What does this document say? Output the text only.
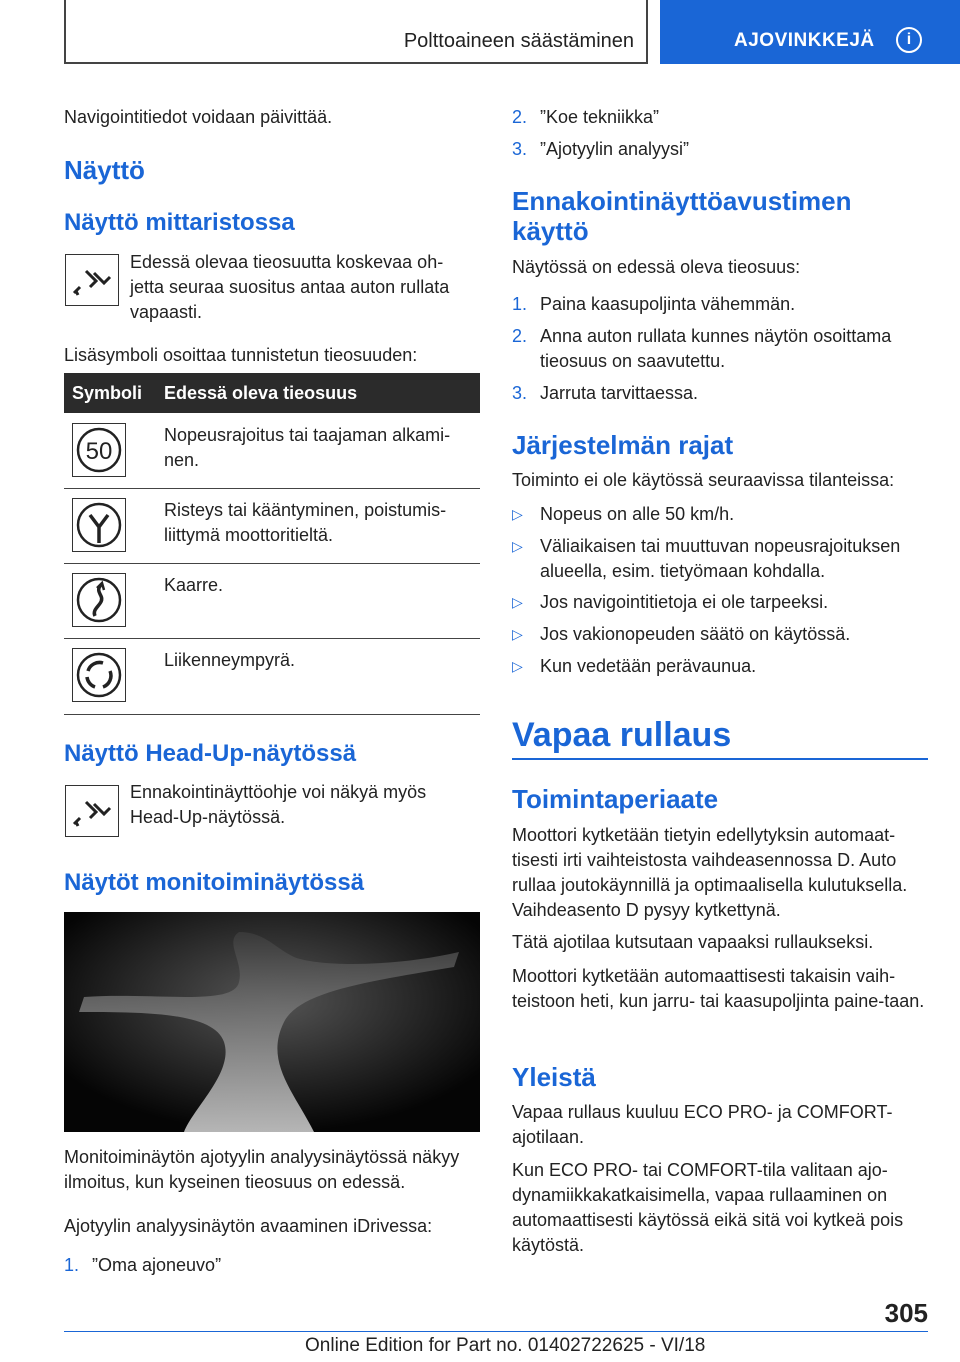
Polttoaineen säästäminen	AJOVINKKEJÄ	i

Navigointitiedot voidaan päivittää.

Näyttö
Näyttö mittaristossa

Edessä olevaa tieosuutta koskevaa oh-jetta seuraa suositus antaa auton rullata vapaasti.

Lisäsymboli osoittaa tunnistetun tieosuuden:

Symboli	Edessä oleva tieosuus
50

Nopeusrajoitus tai taajaman alkami-nen.

Risteys tai kääntyminen, poistumis-liittymä moottoritieltä.

Kaarre.

Liikenneympyrä.

Näyttö Head-Up-näytössä

Ennakointinäyttöohje voi näkyä myös Head-Up-näytössä.

Näytöt monitoiminäytössä

Monitoiminäytön ajotyylin analyysinäytössä näkyy ilmoitus, kun kyseinen tieosuus on edessä.

Ajotyylin analyysinäytön avaaminen iDrivessa:

1. ”Oma ajoneuvo”
2. ”Koe tekniikka”
3. ”Ajotyylin analyysi”
Ennakointinäyttöavustimen käyttö

Näytössä on edessä oleva tieosuus:

1. Paina kaasupoljinta vähemmän.
2. Anna auton rullata kunnes näytön osoittama tieosuus on saavutettu.
3. Jarruta tarvittaessa.
Järjestelmän rajat

Toiminto ei ole käytössä seuraavissa tilanteissa:

▷ Nopeus on alle 50 km/h.
▷ Väliaikaisen tai muuttuvan nopeusrajoituksen alueella, esim. tietyömaan kohdalla.
▷ Jos navigointitietoja ei ole tarpeeksi.
▷ Jos vakionopeuden säätö on käytössä.
▷ Kun vedetään perävaunua.
Vapaa rullaus
Toimintaperiaate

Moottori kytketään tietyin edellytyksin automaat-tisesti irti vaihteistosta vaihdeasennossa D. Auto rullaa joutokäynnillä ja optimaalisella kulutuksella. Vaihdeasento D pysyy kytkettynä.

Tätä ajotilaa kutsutaan vapaaksi rullaukseksi.

Moottori kytketään automaattisesti takaisin vaih-teistoon heti, kun jarru- tai kaasupoljinta paine-taan.

Yleistä

Vapaa rullaus kuuluu ECO PRO- ja COMFORT-ajotilaan.

Kun ECO PRO- tai COMFORT-tila valitaan ajo-dynamiikkakatkaisimella, vapaa rullaaminen on automaattisesti käytössä eikä sitä voi kytkeä pois käytöstä.

305
Online Edition for Part no. 01402722625 - VI/18
